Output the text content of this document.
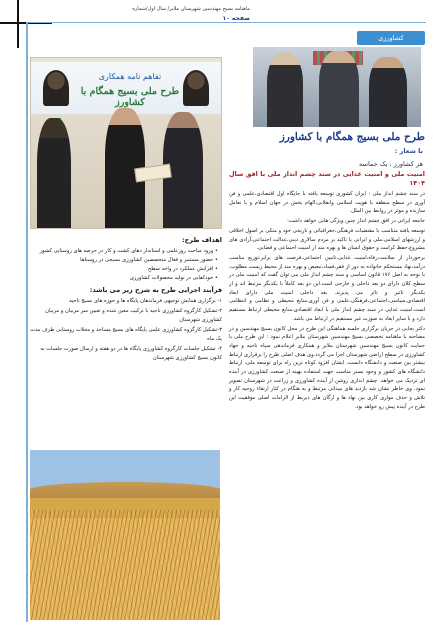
ماهنامه بسیج مهندسین شهرستان ملایر/ سال اول/شماره
صفحه ۱۰
کشاورزی
تفاهم نامه همکاری
طرح ملی بسیج همگام با کشاورز
طرح ملی بسیج همگام با کشاورز
با شعار :
هر کشاورز ، یک حماسه

امنیت ملی و امنیت غذایی در سند چشم انداز ملی با افق سال ۱۴۰۴

در سند چشم انداز ملی : ایران کشوری توسعه یافته با جایگاه اول اقتصادی،علمی و فن آوری در سطح منطقه با هویت اسلامی وانقلابی،الهام بخش در جهان اسلام و با تعامل سازنده و موثر در روابط بین الملل.

جامعه ایرانی در افق چشم انداز چنین ویژگی هایی خواهد داشت:

توسعه یافته متناسب با مقتضیات فرهنگی،جغرافیائی و تاریخی خود و متکی بر اصول اخلاقی و ارزشهای اسلامی،ملی و ایرانی با تاکید بر مردم سالاری دینی،عدالت اجتماعی،آزادی های مشروع،حفظ کرامت و حقوق انسان ها و بهره مند از امنیت اجتماعی و قضایی.

برخوردار از سلامت،رفاه،امنیت غذایی،تامین اجتماعی،فرصت های برابر،توزیع مناسب درآمد،نهاد مستحکم خانواده به دور از فقر،فساد،تبعیض و بهره مند از محیط زیست مطلوب، با توجه به اصل ۱۷۶ قانون اساسی و سند چشم انداز ملی می توان گفت که امنیت ملی در سطح کلان دارای دو بعد داخلی و خارجی است.این دو بعد کاملاً با یکدیگر مرتبط اند و از یکدیگر تاثیر و تاثر می پذیرند. بعد داخلی امنیت ملی دارای ابعاد اقتصادی،سیاسی،اجتماعی،فرهنگی،علمی و فن آوری،منابع محیطی و نظامی و انتظامی است.امنیت غذایی در سند چشم انداز ملی با ابعاد اقتصادی،منابع محیطی ارتباط مستقیم دارد و با سایر ابعاد به صورت غیر مستقیم در ارتباط می باشد.

دکتر بجایی در جریان برگزاری جلسه هماهنگی این طرح در محل کانون بسیج مهندسین و در مصاحبه با ماهنامه تخصصی بسیج مهندسین شهرستان ملایر اعلام نمود : این طرح ملی با حمایت کانون بسیج مهندسین شهرستان ملایر و همکاری فرماندهی سپاه ناحیه و جهاد کشاورزی در سطح اراضی شهرستان اجرا می گردد.وی هدف اصلی طرح را برقراری ارتباط بیشتر بین صنعت و دانشگاه دانست. ایشان افزود کوتاه ترین راه برای توسعه ملی، ارتباط دانشگاه های کشور و وجود بستر مناسب جهت استفاده بهینه از صنعت کشاورزی در آینده ای نزدیک می خواهد. چشم اندازی روشن از آینده کشاورزی و زراعت در شهرستان تصویر نمود. وی خاطر نشان شد بازدید های میدانی مرتبط و به هنگام در کنار ارتقاء روحیه کار و تلاش و حذف موازی کاری بین نهاد ها و ارگان های ذیربط از الزامات اصلی موفقیت این طرح در آینده پیش رو خواهد بود.

اهداف طرح:
• ورود مباحث روزعلمی و استاندار دهای کشت و کار در حرصه های روستایی کشور
• حضور مستمر و فعال متخصصین کشاورزی بسیجی در روستاها
• افزایش عملکرد در واحد سطح
• خودکفایی در تولید محصولات کشاورزی
فرآیند اجرایی طرح به شرح زیر می باشد:
۱- برگزاری همایش توجیهی فرماندهان پایگاه ها و حوزه های بسیج ناحیه
۲-تشکیل کارگروه کشاورزی ناحیه با ترکیب معین شده و تعیین سر مربیان و مربیان کشاورزی شهرستان
۳-تشکیل کارگروه کشاورزی علمی پایگاه های بسیج مساجد و محلات روستایی طرف مدت یک ماه
۴- تشکیل جلسات کارگروه کشاورزی پایگاه ها در دو هفته و ارسال صورت جلسات به کانون بسیج کشاورزی شهرستان
